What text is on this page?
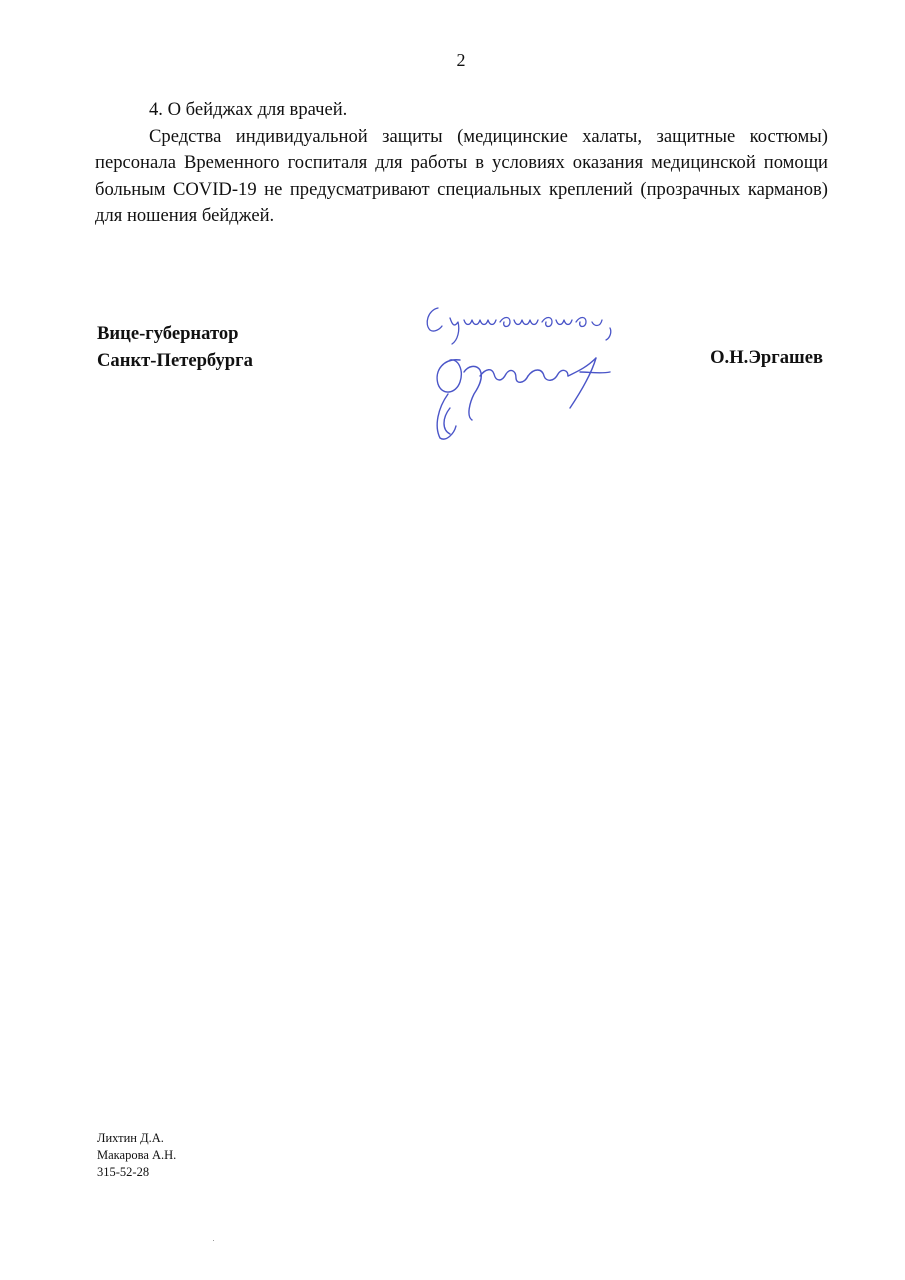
2

4. О бейджах для врачей.

Средства индивидуальной защиты (медицинские халаты, защитные костюмы) персонала Временного госпиталя для работы в условиях оказания медицинской помощи больным COVID-19 не предусматривают специальных креплений (прозрачных карманов) для ношения бейджей.

Вице-губернатор
Санкт-Петербурга	О.Н.Эргашев
Лихтин Д.А.
Макарова А.Н.
315-52-28
